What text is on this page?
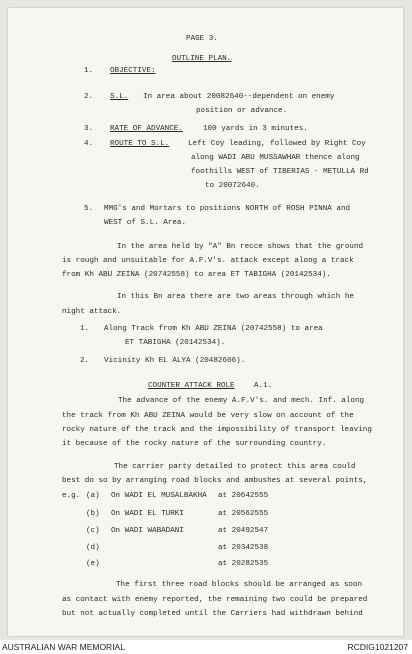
PAGE 3.
OUTLINE PLAN.
1. OBJECTIVE:
2. S.L. In area about 20082640--dependent on enemy
position or advance.
3. RATE OF ADVANCE.	100 yards in 3 minutes.
4. ROUTE TO S.L. Left Coy leading, followed by Right Coy
along WADI ABU MUSSAWHAR thence along
foothills WEST of TIBERIAS - METULLA Rd
to 20072640.
5. MMG's and Mortars to positions NORTH of ROSH PINNA and
WEST of S.L. Area.
In the area held by "A" Bn recce shows that the ground
is rough and unsuitable for A.F.V's. attack except along a track
from Kh ABU ZEINA (20742558) to area ET TABIGHA (20142534).
In this Bn area there are two areas through which he
night attack.
1. Along Track from Kh ABU ZEINA (20742558) to area
ET TABIGHA (20142534).
2. Vicinity Kh EL ALYA (20482606).
COUNTER ATTACK ROLE	A.1.
The advance of the enemy A.F.V's. and mech. Inf. along
the track from Kh ABU ZEINA would be very slow on account of the
rocky nature of the track and the impossibility of transport leaving
it because of the rocky nature of the surrounding country.
The carrier party detailed to protect this area could
best do so by arranging road blocks and ambushes at several points,
e.g. (a) On WADI EL MUSALBAKHA at 20642555
(b) On WADI EL TURKI	at 20562555
(c) On WADI WABADANI	at 20492547
(d)	at 20342538
(e)	at 20282535
The first three road blocks should be arranged as soon
as contact with enemy reported, the remaining two could be prepared
but not actually completed until the Carriers had withdrawn behind
AUSTRALIAN WAR MEMORIAL	RCDIG1021207
